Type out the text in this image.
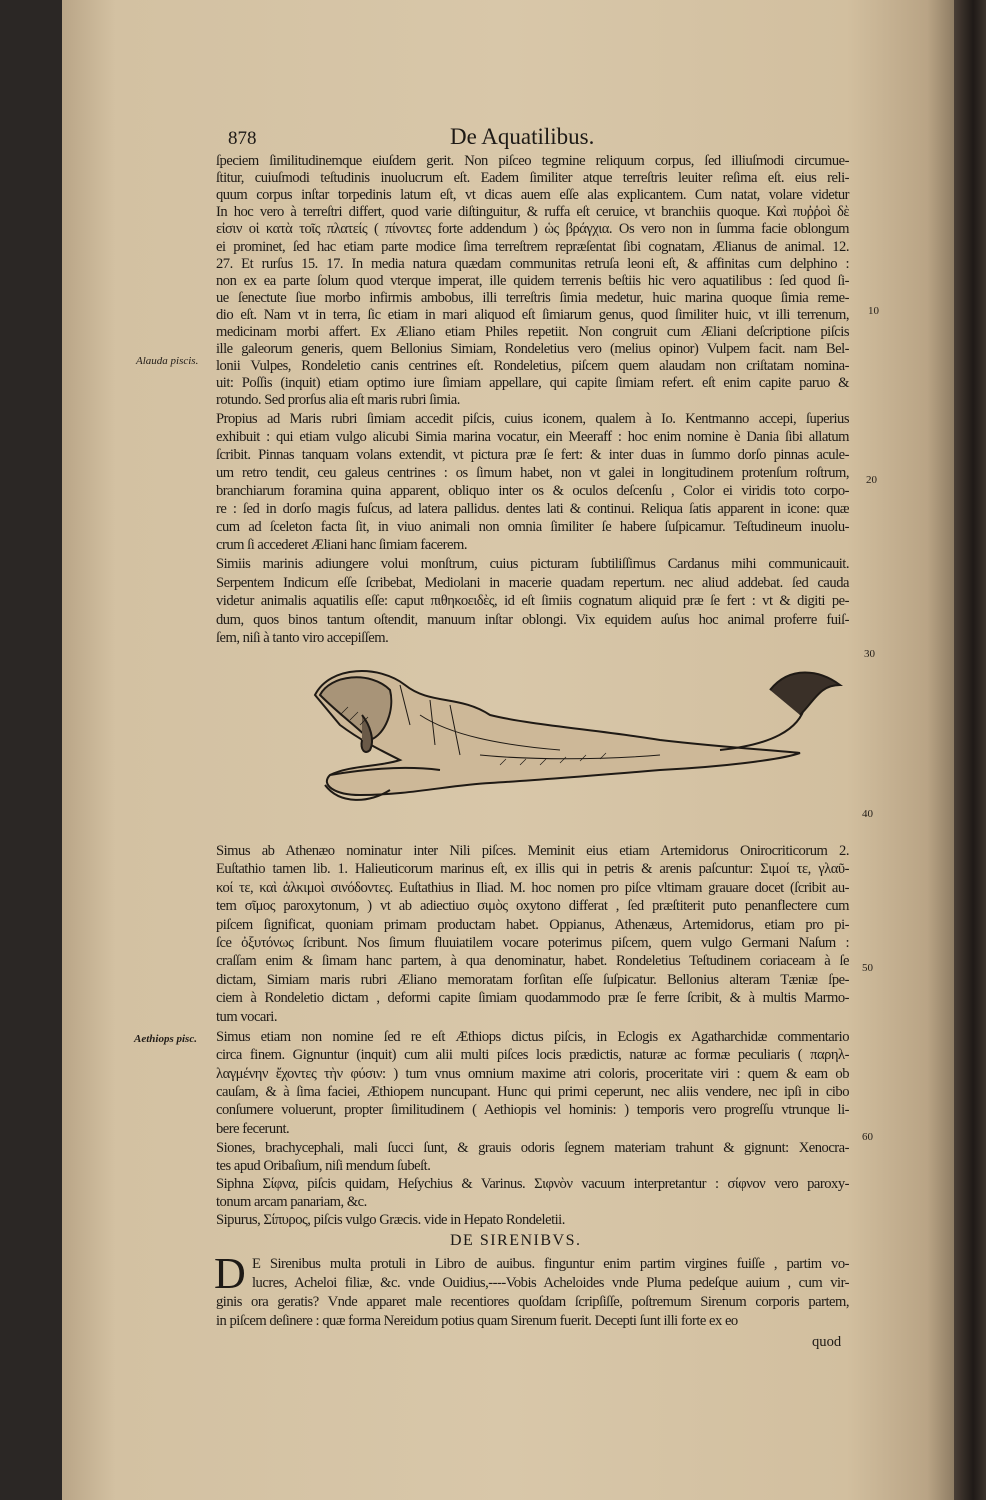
878	De Aquatilibus.
Alauda piscis.
Aethiops pisc.
10
20
30
40
50
60
ſpeciem ſimilitudinemque eiuſdem gerit. Non piſceo tegmine reliquum corpus, ſed illiuſmodi circumue-
ſtitur, cuiuſmodi teſtudinis inuolucrum eſt. Eadem ſimiliter atque terreſtris leuiter reſima eſt. eius reli-
quum corpus inſtar torpedinis latum eſt, vt dicas auem eſſe alas explicantem. Cum natat, volare videtur
In hoc vero à terreſtri differt, quod varie diſtinguitur, & ruffa eſt ceruice, vt branchiis quoque. Καὶ πυῤῥοὶ δὲ
εἰσιν οἱ κατὰ τοῖς πλατείς ( πίνοντες forte addendum ) ὡς βράγχια. Os vero non in ſumma facie oblongum
ei prominet, ſed hac etiam parte modice ſima terreſtrem repræſentat ſibi cognatam, Ælianus de animal. 12.
27. Et rurſus 15. 17. In media natura quædam communitas retruſa leoni eſt, & affinitas cum delphino :
non ex ea parte ſolum quod vterque imperat, ille quidem terrenis beſtiis hic vero aquatilibus : ſed quod ſi-
ue ſenectute ſiue morbo infirmis ambobus, illi terreſtris ſimia medetur, huic marina quoque ſimia reme-
dio eſt. Nam vt in terra, ſic etiam in mari aliquod eſt ſimiarum genus, quod ſimiliter huic, vt illi terrenum,
medicinam morbi affert. Ex Æliano etiam Philes repetiit. Non congruit cum Æliani deſcriptione piſcis
ille galeorum generis, quem Bellonius Simiam, Rondeletius vero (melius opinor) Vulpem facit. nam Bel-
lonii Vulpes, Rondeletio canis centrines eſt. Rondeletius, piſcem quem alaudam non criſtatam nomina-
uit: Poſſis (inquit) etiam optimo iure ſimiam appellare, qui capite ſimiam refert. eſt enim capite paruo &
rotundo. Sed prorſus alia eſt maris rubri ſimia.
Propius ad Maris rubri ſimiam accedit piſcis, cuius iconem, qualem à Io. Kentmanno accepi, ſuperius
exhibuit : qui etiam vulgo alicubi Simia marina vocatur, ein Meeraff : hoc enim nomine è Dania ſibi allatum
ſcribit. Pinnas tanquam volans extendit, vt pictura præ ſe fert: & inter duas in ſummo dorſo pinnas acule-
um retro tendit, ceu galeus centrines : os ſimum habet, non vt galei in longitudinem protenſum roſtrum,
branchiarum foramina quina apparent, obliquo inter os & oculos deſcenſu , Color ei viridis toto corpo-
re : ſed in dorſo magis fuſcus, ad latera pallidus. dentes lati & continui. Reliqua ſatis apparent in icone: quæ
cum ad ſceleton facta ſit, in viuo animali non omnia ſimiliter ſe habere ſuſpicamur. Teſtudineum inuolu-
crum ſi accederet Æliani hanc ſimiam facerem.
Simiis marinis adiungere volui monſtrum, cuius picturam ſubtiliſſimus Cardanus mihi communicauit.
Serpentem Indicum eſſe ſcribebat, Mediolani in macerie quadam repertum. nec aliud addebat. ſed cauda
videtur animalis aquatilis eſſe: caput πιθηκοειδὲς, id eſt ſimiis cognatum aliquid præ ſe fert : vt & digiti pe-
dum, quos binos tantum oſtendit, manuum inſtar oblongi. Vix equidem auſus hoc animal proferre fuiſ-
ſem, niſi à tanto viro accepiſſem.
Simus ab Athenæo nominatur inter Nili piſces. Meminit eius etiam Artemidorus Onirocriticorum 2.
Euſtathio tamen lib. 1. Halieuticorum marinus eſt, ex illis qui in petris & arenis paſcuntur: Σιμοί τε, γλαῦ-
κοί τε, καὶ ἀλκιμοὶ σινόδοντες. Euſtathius in Iliad. M. hoc nomen pro piſce vltimam grauare docet (ſcribit au-
tem σῖμος paroxytonum, ) vt ab adiectiuo σιμὸς oxytono differat , ſed præſtiterit puto penanflectere cum
piſcem ſignificat, quoniam primam productam habet. Oppianus, Athenæus, Artemidorus, etiam pro pi-
ſce ὀξυτόνως ſcribunt. Nos ſimum fluuiatilem vocare poterimus piſcem, quem vulgo Germani Naſum :
craſſam enim & ſimam hanc partem, à qua denominatur, habet. Rondeletius Teſtudinem coriaceam à ſe
dictam, Simiam maris rubri Æliano memoratam forſitan eſſe ſuſpicatur. Bellonius alteram Tæniæ ſpe-
ciem à Rondeletio dictam , deformi capite ſimiam quodammodo præ ſe ferre ſcribit, & à multis Marmo-
tum vocari.
Simus etiam non nomine ſed re eſt Æthiops dictus piſcis, in Eclogis ex Agatharchidæ commentario
circa finem. Gignuntur (inquit) cum alii multi piſces locis prædictis, naturæ ac formæ peculiaris ( παρηλ-
λαγμένην ἔχοντες τὴν φύσιν: ) tum vnus omnium maxime atri coloris, proceritate viri : quem & eam ob
cauſam, & à ſima faciei, Æthiopem nuncupant. Hunc qui primi ceperunt, nec aliis vendere, nec ipſi in cibo
conſumere voluerunt, propter ſimilitudinem ( Aethiopis vel hominis: ) temporis vero progreſſu vtrunque li-
bere fecerunt.
Siones, brachycephali, mali ſucci ſunt, & grauis odoris ſegnem materiam trahunt & gignunt: Xenocra-
tes apud Oribaſium, niſi mendum ſubeſt.
Siphna Σίφνα, piſcis quidam, Heſychius & Varinus. Σιφνὸν vacuum interpretantur : σίφνον vero paroxy-
tonum arcam panariam, &c.
Sipurus, Σίπυρος, piſcis vulgo Græcis. vide in Hepato Rondeletii.
DE SIRENIBVS.
D E Sirenibus multa protuli in Libro de auibus. finguntur enim partim virgines fuiſſe , partim vo-
lucres, Acheloi filiæ, &c. vnde Ouidius,----Vobis Acheloides vnde Pluma pedeſque auium , cum vir-
ginis ora geratis? Vnde apparet male recentiores quoſdam ſcripſiſſe, poſtremum Sirenum corporis partem,
in piſcem deſinere : quæ forma Nereidum potius quam Sirenum fuerit. Decepti ſunt illi forte ex eo
quod
